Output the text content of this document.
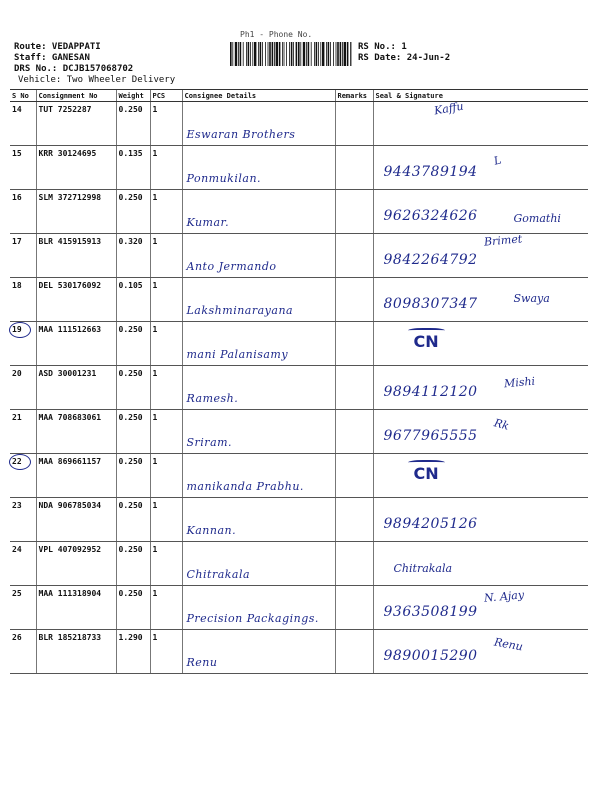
Ph1 - Phone No.
Route: VEDAPPATI
Staff: GANESAN
DRS No.: DCJB157068702
Vehicle: Two Wheeler Delivery
RS No.: 1
RS Date: 24-Jun-2
S No	Consignment No	Weight	PCS	Consignee Details	Remarks	Seal & Signature
14	TUT 7252287	0.250	1	Eswaran Brothers		Kaffu

15	KRR 30124695	0.135	1	Ponmukilan.		9443789194
L

16	SLM 372712998	0.250	1	Kumar.		9626324626 Gomathi

17	BLR 415915913	0.320	1	Anto Jermando		9842264792
Brimet

18	DEL 530176092	0.105	1	Lakshminarayana		8098307347 Swaya

19	MAA 111512663	0.250	1	mani Palanisamy		CN

20	ASD 30001231	0.250	1	Ramesh.		9894112120
Mishi

21	MAA 708683061	0.250	1	Sriram.		9677965555
Rk

22	MAA 869661157	0.250	1	manikanda Prabhu.		CN

23	NDA 906785034	0.250	1	Kannan.		9894205126

24	VPL 407092952	0.250	1	Chitrakala		Chitrakala

25	MAA 111318904	0.250	1	Precision Packagings.		9363508199
N. Ajay

26	BLR 185218733	1.290	1	Renu		9890015290
Renu
